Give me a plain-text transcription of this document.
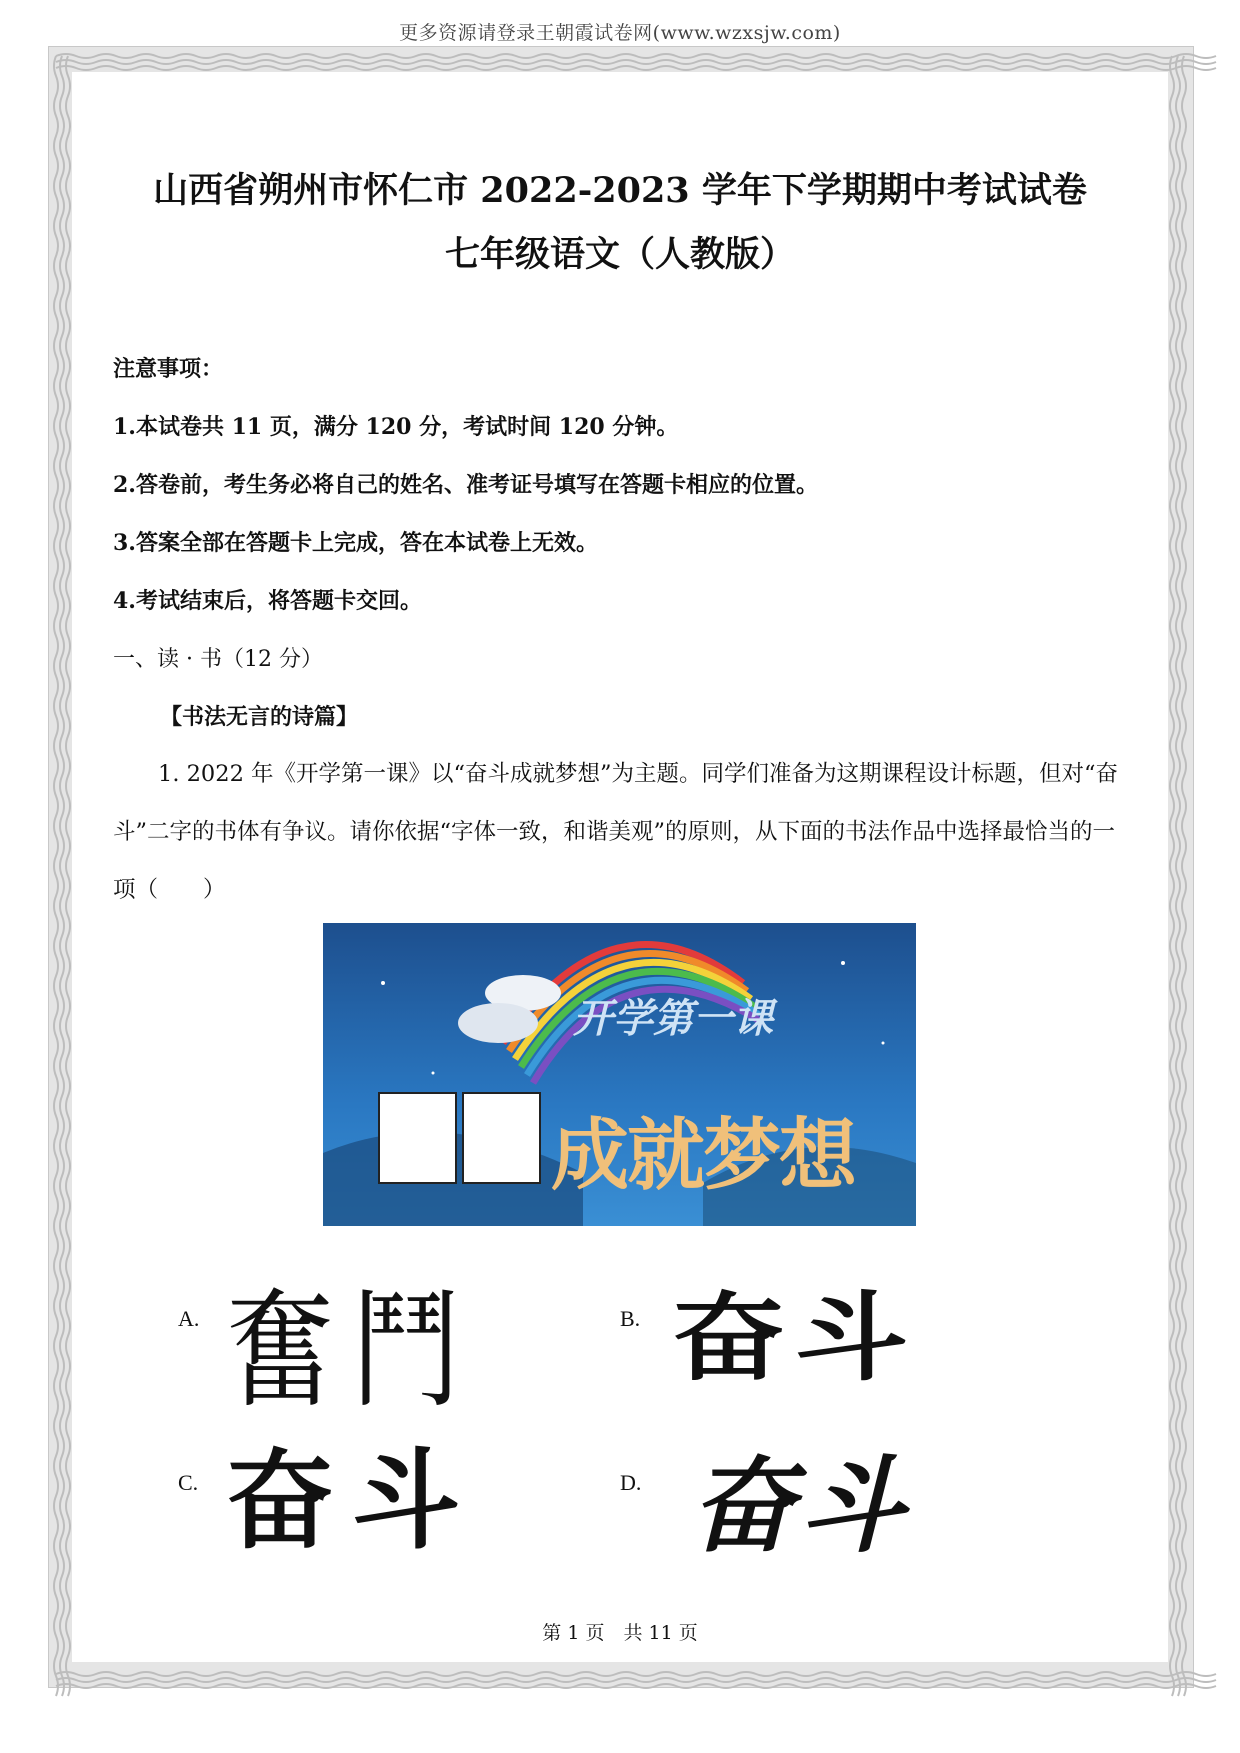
更多资源请登录王朝霞试卷网(www.wzxsjw.com)
山西省朔州市怀仁市 2022-2023 学年下学期期中考试试卷
七年级语文（人教版）
注意事项：
1.本试卷共 11 页，满分 120 分，考试时间 120 分钟。
2.答卷前，考生务必将自己的姓名、准考证号填写在答题卡相应的位置。
3.答案全部在答题卡上完成，答在本试卷上无效。
4.考试结束后，将答题卡交回。
一、读 · 书（12 分）
【书法无言的诗篇】

1. 2022 年《开学第一课》以“奋斗成就梦想”为主题。同学们准备为这期课程设计标题，但对“奋斗”二字的书体有争议。请你依据“字体一致，和谐美观”的原则，从下面的书法作品中选择最恰当的一项（　　）

开学第一课
成就梦想
A. 奮鬥	B. 奋斗
C. 奋斗	D. 奋斗
第 1 页　共 11 页
